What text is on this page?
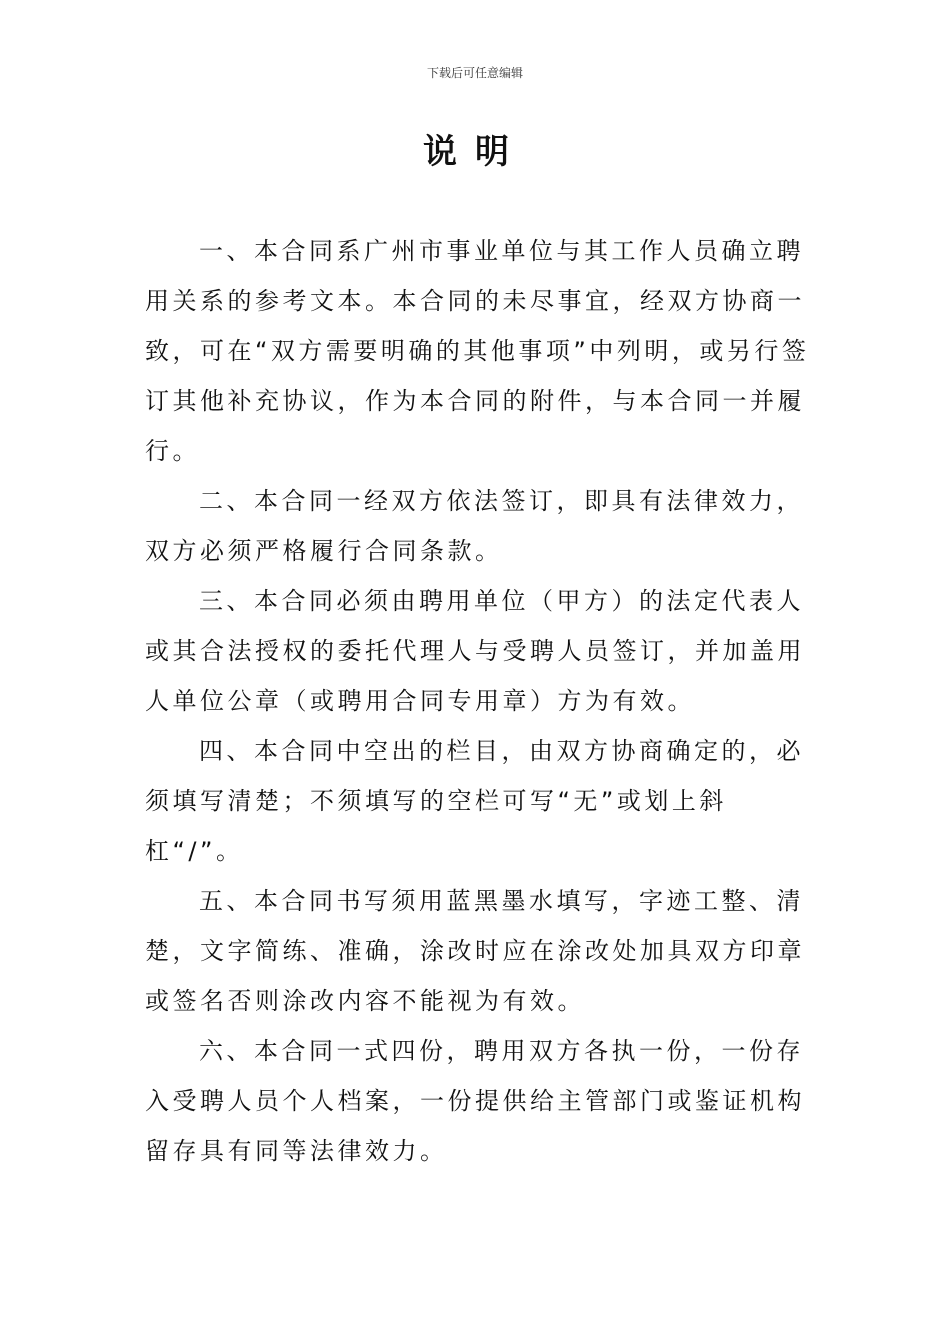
下载后可任意编辑
说明

一、本合同系广州市事业单位与其工作人员确立聘用关系的参考文本。本合同的未尽事宜，经双方协商一致，可在“双方需要明确的其他事项”中列明，或另行签订其他补充协议，作为本合同的附件，与本合同一并履行。

二、本合同一经双方依法签订，即具有法律效力，双方必须严格履行合同条款。

三、本合同必须由聘用单位（甲方）的法定代表人或其合法授权的委托代理人与受聘人员签订，并加盖用人单位公章（或聘用合同专用章）方为有效。

四、本合同中空出的栏目，由双方协商确定的，必须填写清楚；不须填写的空栏可写“无”或划上斜杠“/”。

五、本合同书写须用蓝黑墨水填写，字迹工整、清楚，文字简练、准确，涂改时应在涂改处加具双方印章或签名否则涂改内容不能视为有效。

六、本合同一式四份，聘用双方各执一份，一份存入受聘人员个人档案，一份提供给主管部门或鉴证机构留存具有同等法律效力。
